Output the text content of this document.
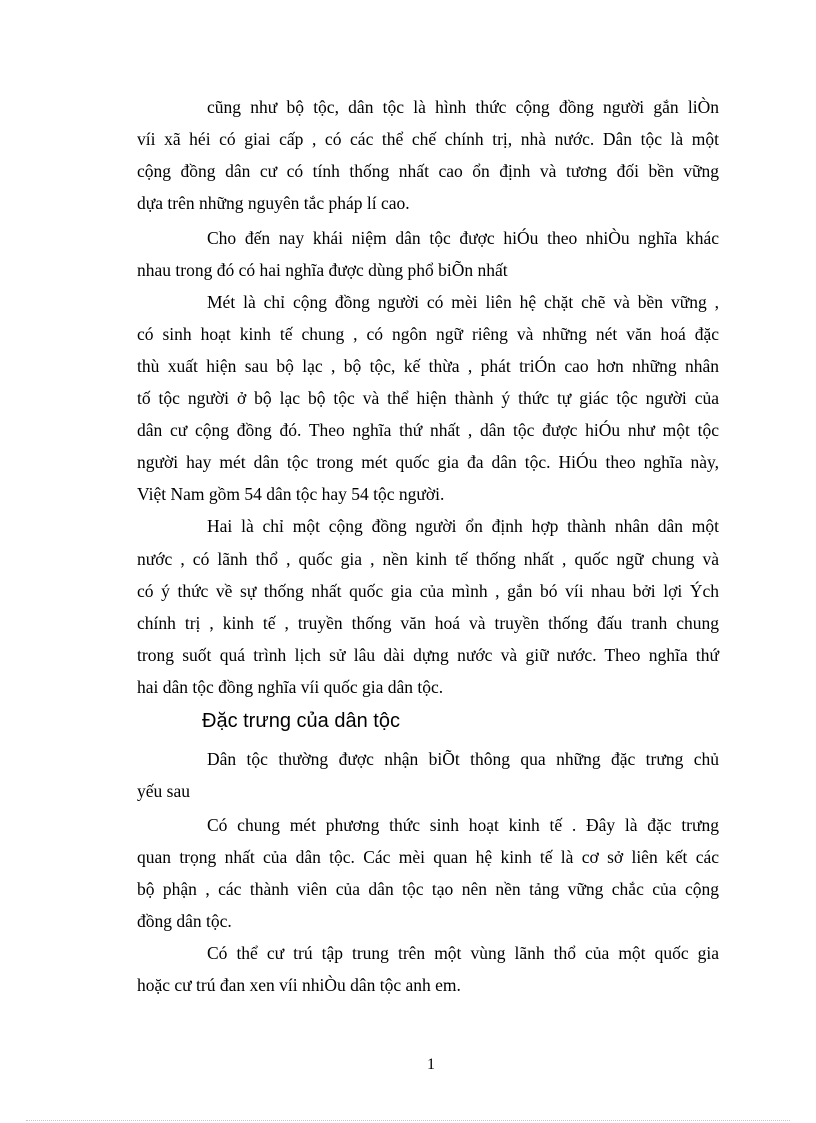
cũng như bộ tộc, dân tộc là hình thức cộng đồng người gắn liÒn
víi xã héi có giai cấp , có các thể chế chính trị, nhà nước. Dân tộc là một
cộng đồng dân cư có tính thống nhất cao ổn định và tương đối bền vững
dựa trên những nguyên tắc pháp lí cao.
Cho đến nay khái niệm dân tộc được hiÓu theo nhiÒu nghĩa khác
nhau trong đó có hai nghĩa được dùng phổ biÕn nhất
Mét là chỉ cộng đồng người có mèi liên hệ chặt chẽ và bền vững ,
có sinh hoạt kinh tế chung , có ngôn ngữ riêng và những nét văn hoá đặc
thù xuất hiện sau bộ lạc , bộ tộc, kế thừa , phát triÓn cao hơn những nhân
tố tộc người ở bộ lạc bộ tộc và thể hiện thành ý thức tự giác tộc người của
dân cư cộng đồng đó. Theo nghĩa thứ nhất , dân tộc được hiÓu như một tộc
người hay mét dân tộc trong mét quốc gia đa dân tộc. HiÓu theo nghĩa này,
Việt Nam gồm 54 dân tộc hay 54 tộc người.
Hai là chỉ một cộng đồng người ổn định hợp thành nhân dân một
nước , có lãnh thổ , quốc gia , nền kinh tế thống nhất , quốc ngữ chung và
có ý thức về sự thống nhất quốc gia của mình , gắn bó víi nhau bởi lợi Ých
chính trị , kinh tế , truyền thống văn hoá và truyền thống đấu tranh chung
trong suốt quá trình lịch sử lâu dài dựng nước và giữ nước. Theo nghĩa thứ
hai dân tộc đồng nghĩa víi quốc gia dân tộc.
Đặc trưng của dân tộc
Dân tộc thường được nhận biÕt thông qua những đặc trưng chủ
yếu sau
Có chung mét phương thức sinh hoạt kinh tế . Đây là đặc trưng
quan trọng nhất của dân tộc. Các mèi quan hệ kinh tế là cơ sở liên kết các
bộ phận , các thành viên của dân tộc tạo nên nền tảng vững chắc của cộng
đồng dân tộc.
Có thể cư trú tập trung trên một vùng lãnh thổ của một quốc gia
hoặc cư trú đan xen víi nhiÒu dân tộc anh em.
1
